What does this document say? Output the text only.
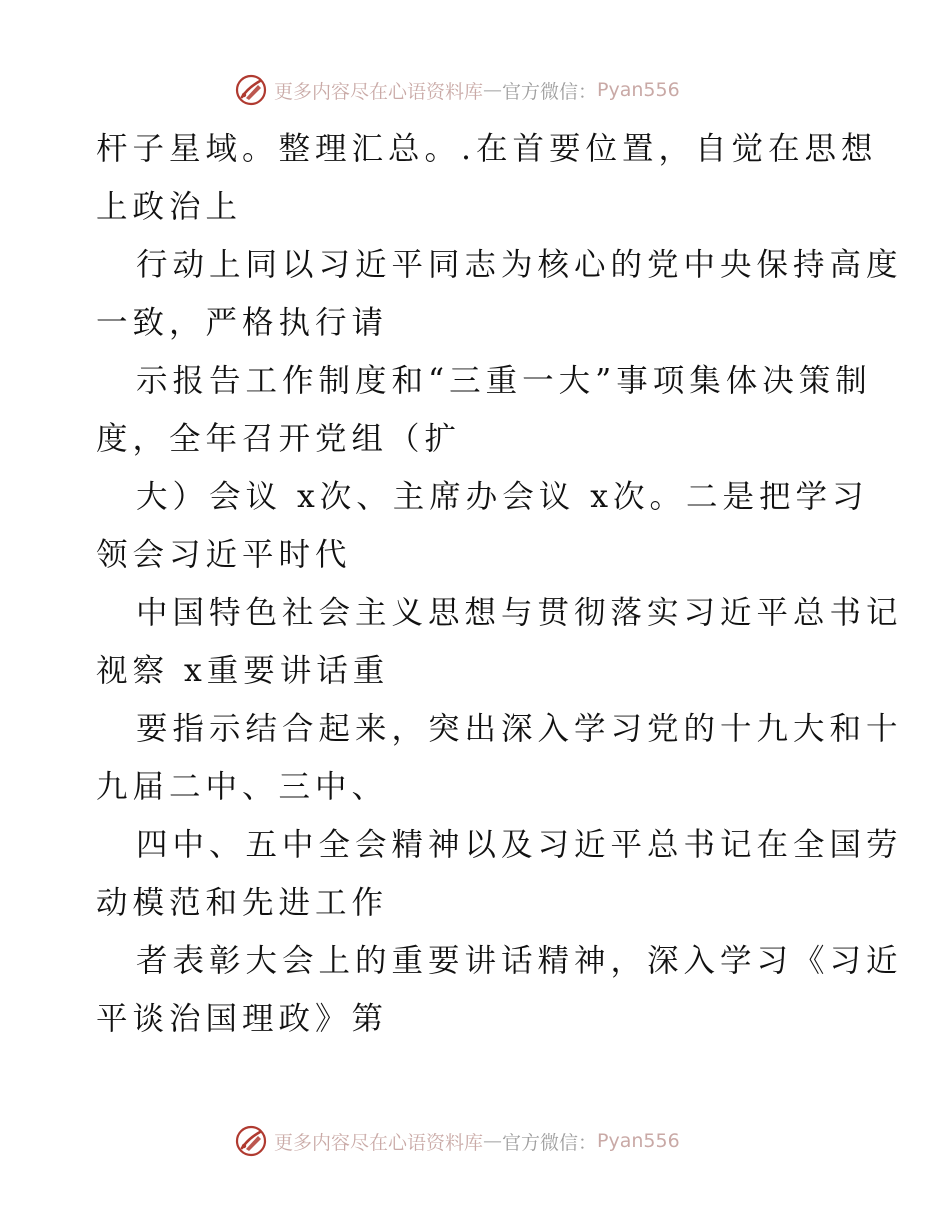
更多内容尽在心语资料库 — 官方微信： Pyan556
杆子星域。整理汇总。.在首要位置，自觉在思想
上政治上
行动上同以习近平同志为核心的党中央保持高度
一致，严格执行请
示报告工作制度和“三重一大”事项集体决策制
度，全年召开党组（扩
大）会议 x次、主席办会议 x次。二是把学习
领会习近平时代
中国特色社会主义思想与贯彻落实习近平总书记
视察 x重要讲话重
要指示结合起来，突出深入学习党的十九大和十
九届二中、三中、
四中、五中全会精神以及习近平总书记在全国劳
动模范和先进工作
者表彰大会上的重要讲话精神，深入学习《习近
平谈治国理政》第
更多内容尽在心语资料库 — 官方微信： Pyan556
